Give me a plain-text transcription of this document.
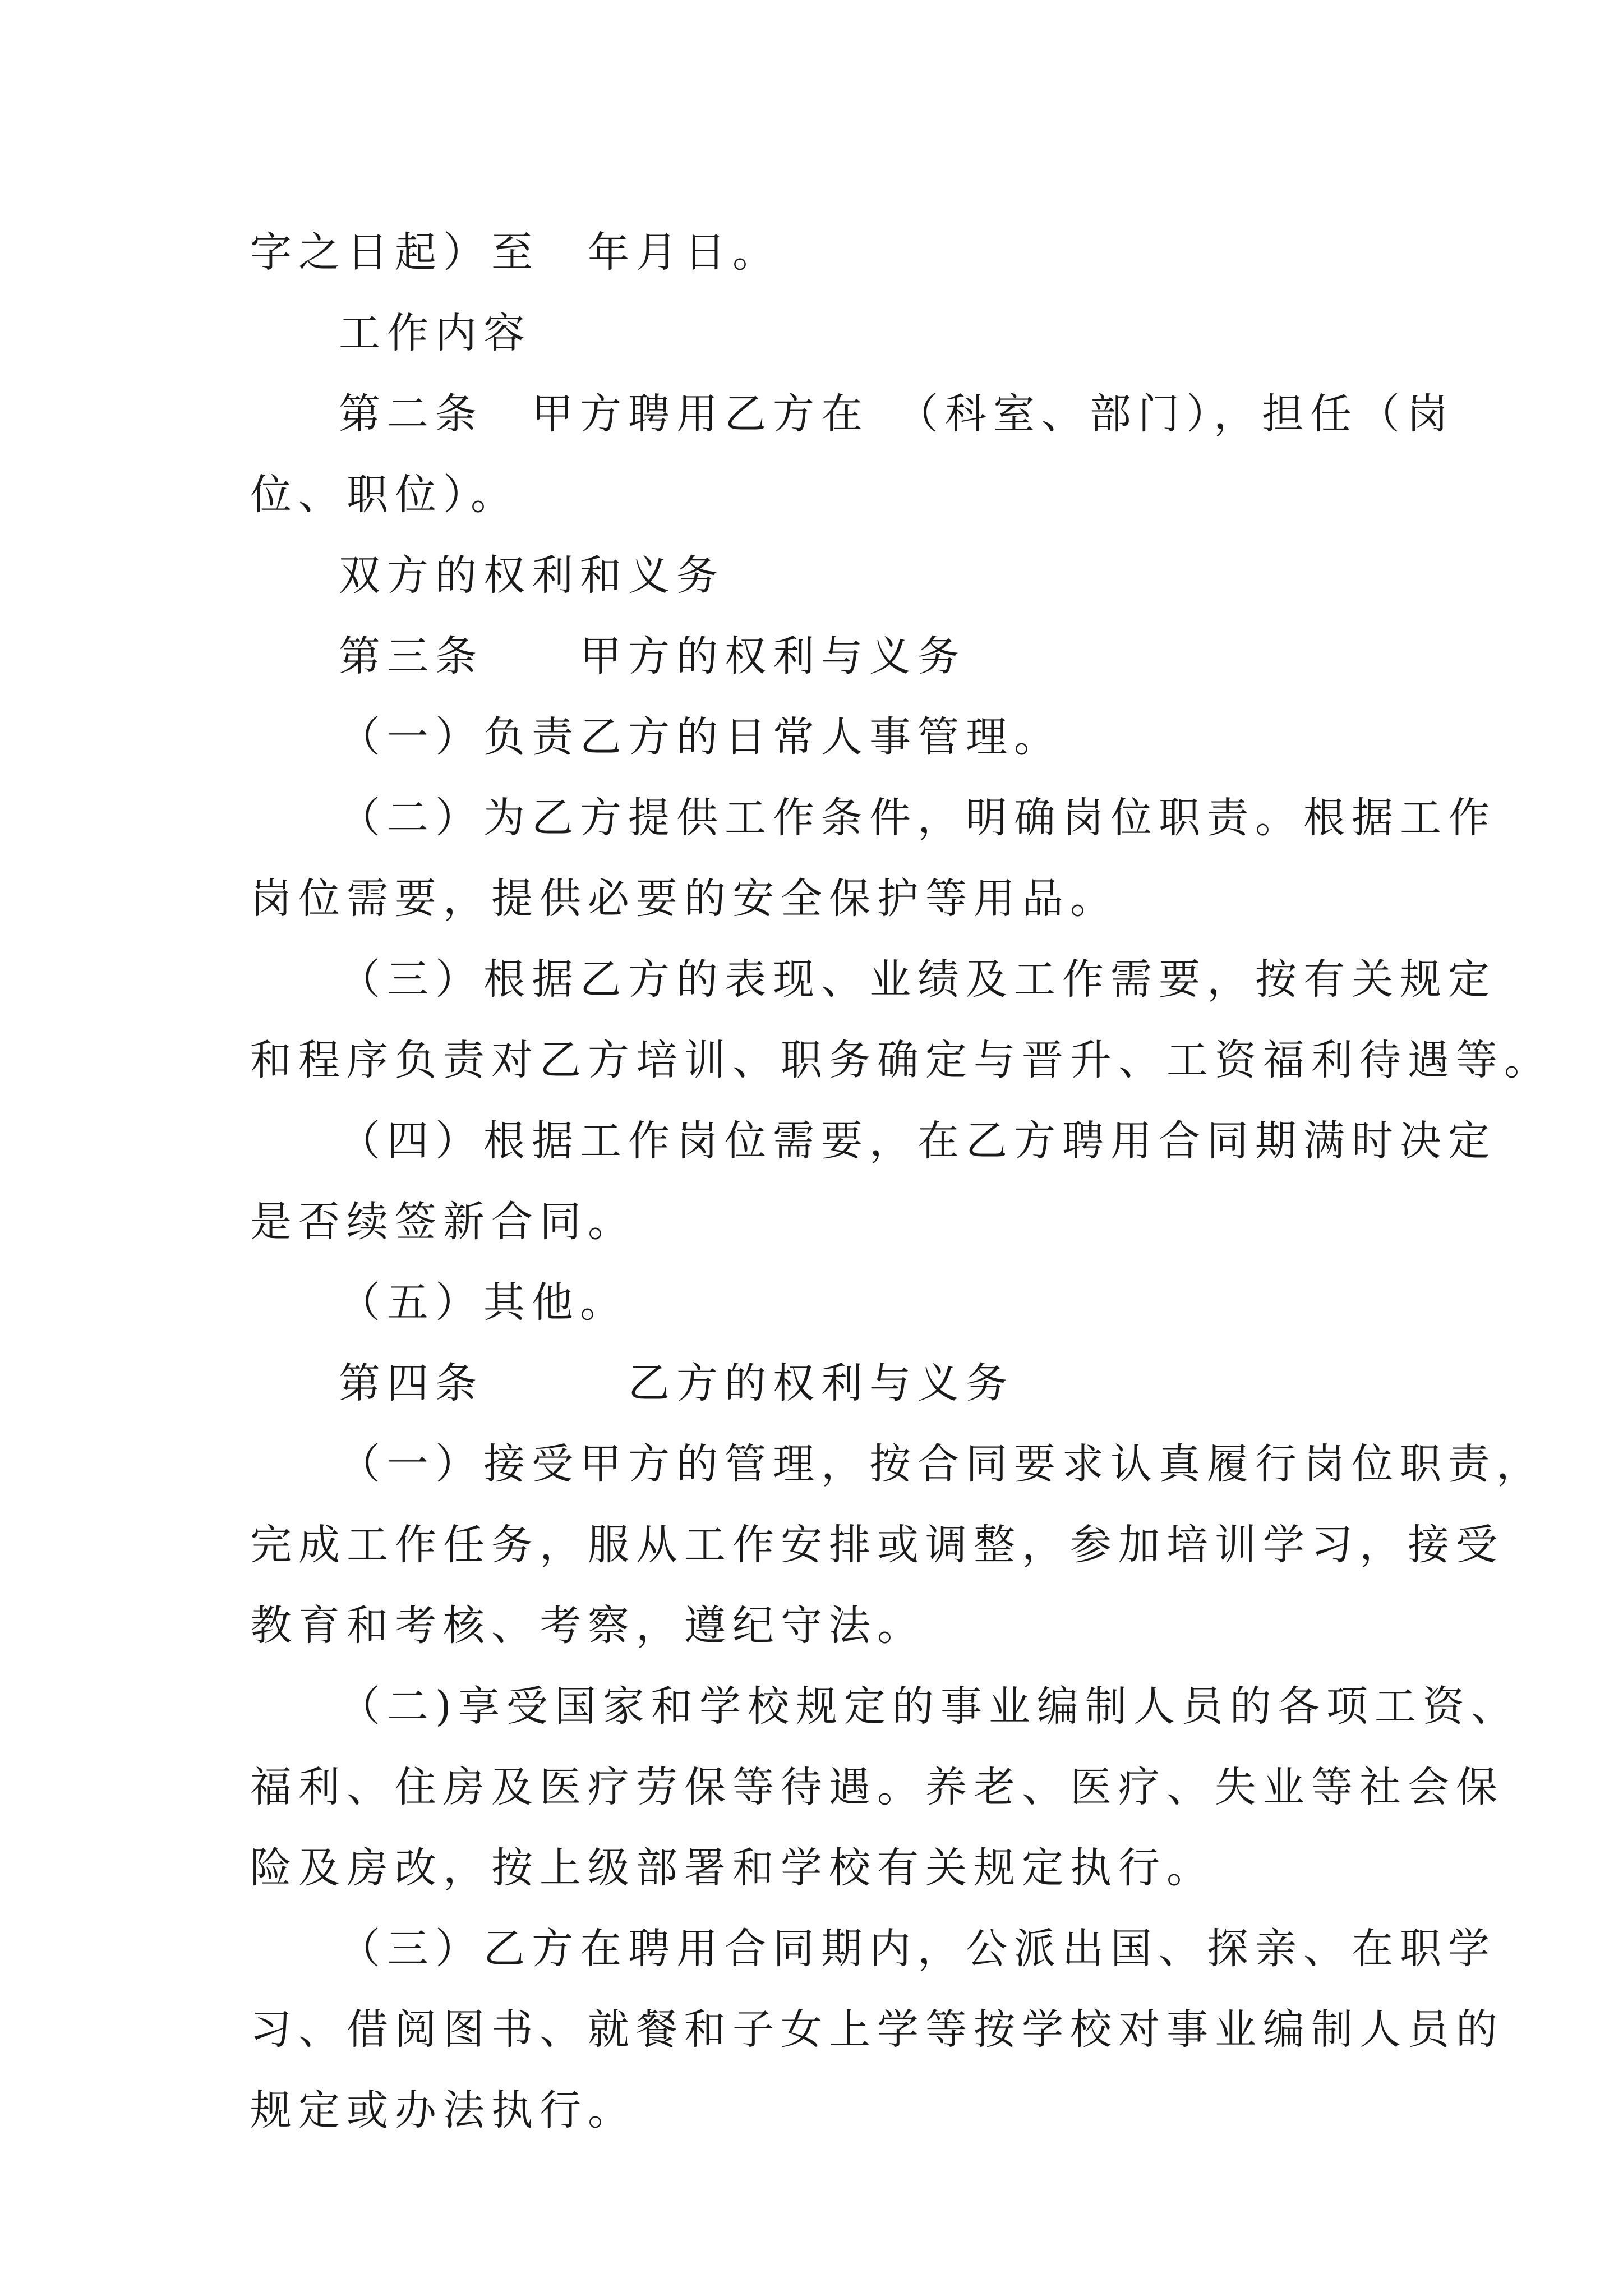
字之日起）至　年月日。
工作内容
第二条　甲方聘用乙方在　（科室、部门），担任（岗
位、职位）。
双方的权利和义务
第三条　　甲方的权利与义务
（一）负责乙方的日常人事管理。
（二）为乙方提供工作条件，明确岗位职责。根据工作
岗位需要，提供必要的安全保护等用品。
（三）根据乙方的表现、业绩及工作需要，按有关规定
和程序负责对乙方培训、职务确定与晋升、工资福利待遇等。
（四）根据工作岗位需要，在乙方聘用合同期满时决定
是否续签新合同。
（五）其他。
第四条　　　乙方的权利与义务
（一）接受甲方的管理，按合同要求认真履行岗位职责，
完成工作任务，服从工作安排或调整，参加培训学习，接受
教育和考核、考察，遵纪守法。
（二)享受国家和学校规定的事业编制人员的各项工资、
福利、住房及医疗劳保等待遇。养老、医疗、失业等社会保
险及房改，按上级部署和学校有关规定执行。
（三）乙方在聘用合同期内，公派出国、探亲、在职学
习、借阅图书、就餐和子女上学等按学校对事业编制人员的
规定或办法执行。
